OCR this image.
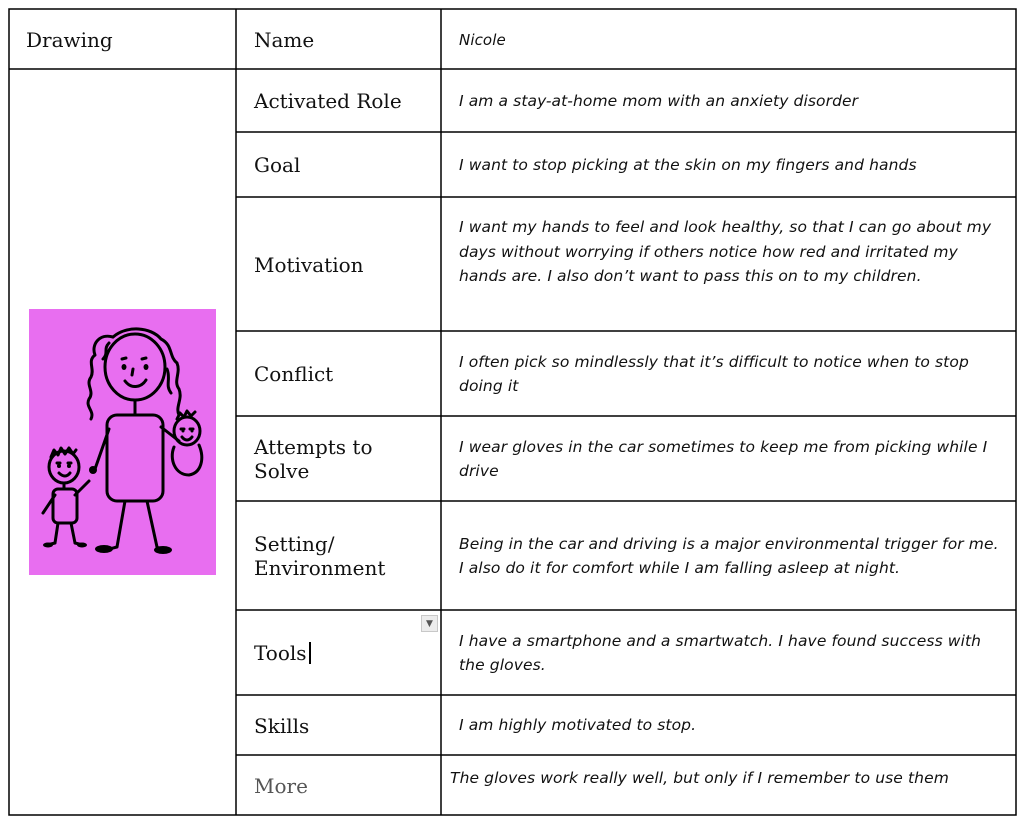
Drawing	Name	Nicole
Activated Role
Goal
Motivation
Conflict
Attempts to Solve
Setting/ Environment
Tools
▼
Skills
More
I am a stay-at-home mom with an anxiety disorder
I want to stop picking at the skin on my fingers and hands
I want my hands to feel and look healthy, so that I can go about my days without worrying if others notice how red and irritated my hands are. I also don’t want to pass this on to my children.
I often pick so mindlessly that it’s difficult to notice when to stop doing it
I wear gloves in the car sometimes to keep me from picking while I drive
Being in the car and driving is a major environmental trigger for me. I also do it for comfort while I am falling asleep at night.
I have a smartphone and a smartwatch. I have found success with the gloves.
I am highly motivated to stop.
The gloves work really well, but only if I remember to use them
